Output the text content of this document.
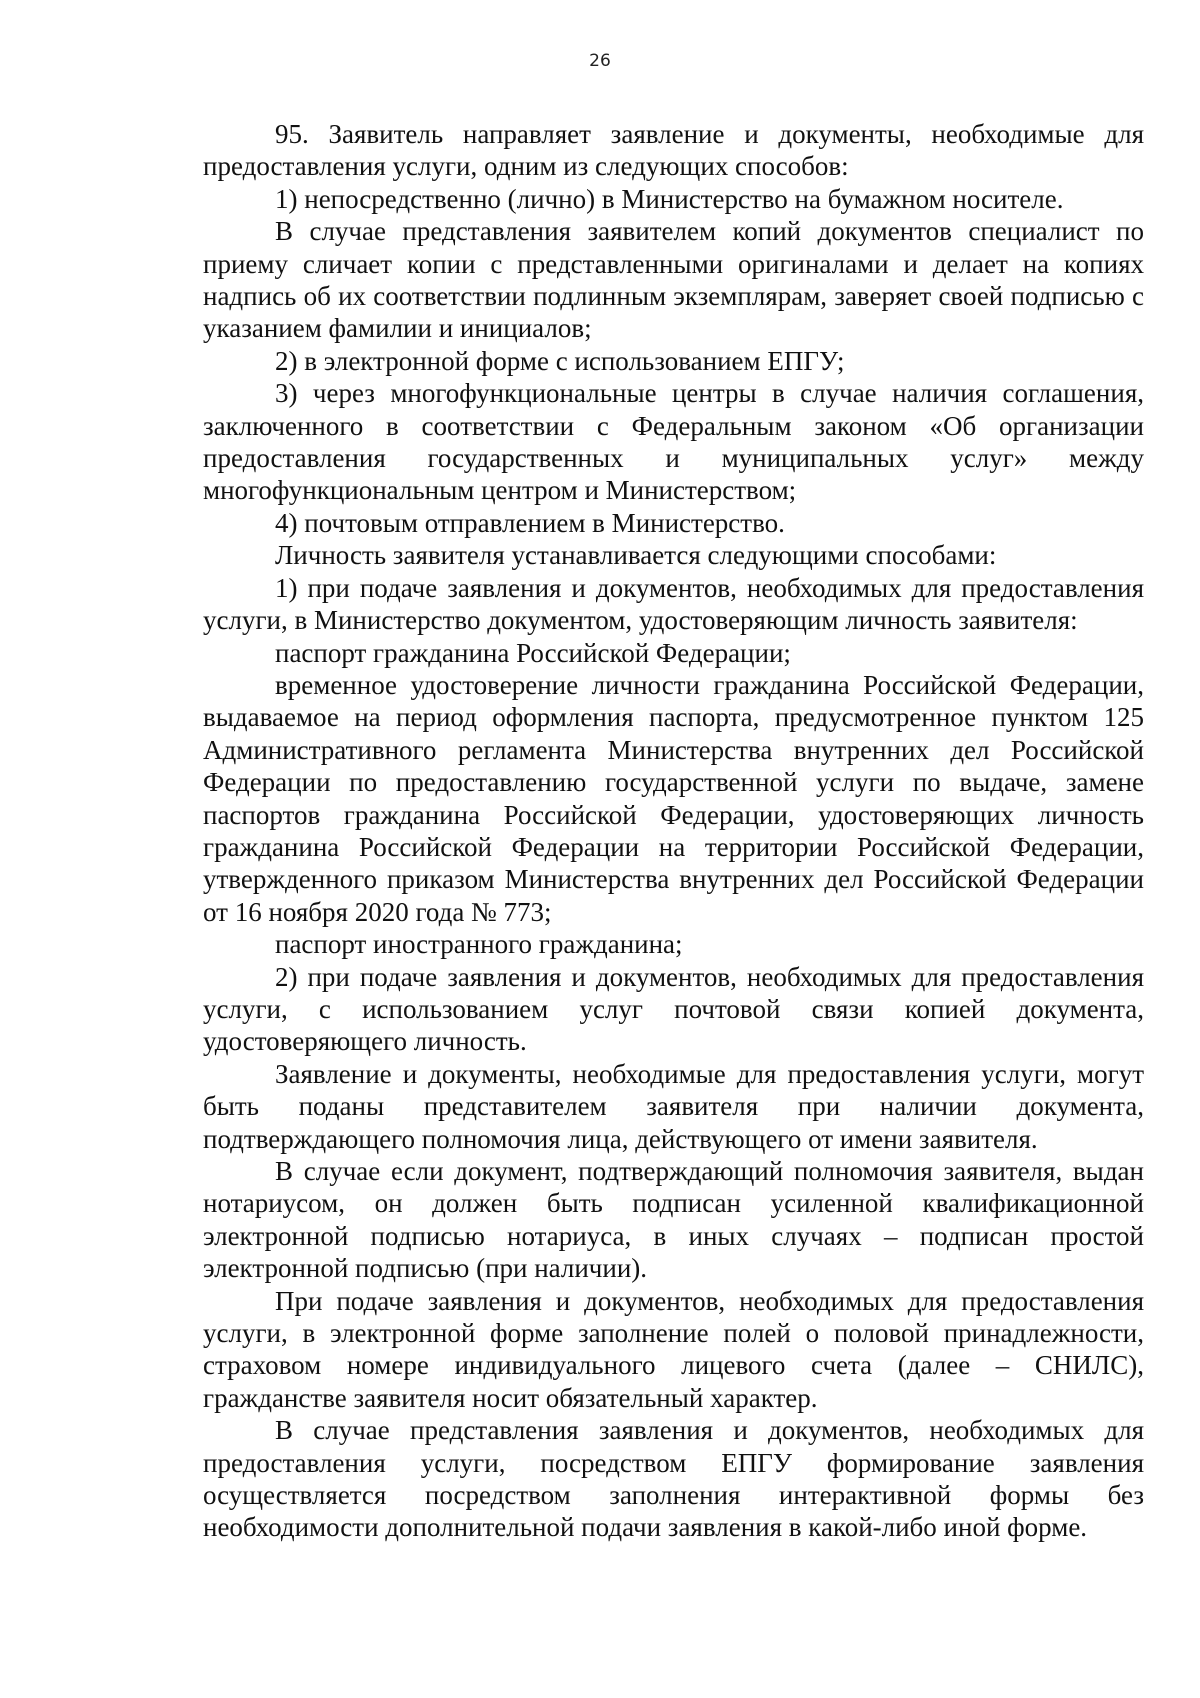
26

95. Заявитель направляет заявление и документы, необходимые для предоставления услуги, одним из следующих способов:

1) непосредственно (лично) в Министерство на бумажном носителе.

В случае представления заявителем копий документов специалист по приему сличает копии с представленными оригиналами и делает на копиях надпись об их соответствии подлинным экземплярам, заверяет своей подписью с указанием фамилии и инициалов;

2) в электронной форме с использованием ЕПГУ;

3) через многофункциональные центры в случае наличия соглашения, заключенного в соответствии с Федеральным законом «Об организации предоставления государственных и муниципальных услуг» между многофункциональным центром и Министерством;

4) почтовым отправлением в Министерство.

Личность заявителя устанавливается следующими способами:

1) при подаче заявления и документов, необходимых для предоставления услуги, в Министерство документом, удостоверяющим личность заявителя:

паспорт гражданина Российской Федерации;

временное удостоверение личности гражданина Российской Федерации, выдаваемое на период оформления паспорта, предусмотренное пунктом 125 Административного регламента Министерства внутренних дел Российской Федерации по предоставлению государственной услуги по выдаче, замене паспортов гражданина Российской Федерации, удостоверяющих личность гражданина Российской Федерации на территории Российской Федерации, утвержденного приказом Министерства внутренних дел Российской Федерации от 16 ноября 2020 года № 773;

паспорт иностранного гражданина;

2) при подаче заявления и документов, необходимых для предоставления услуги, с использованием услуг почтовой связи копией документа, удостоверяющего личность.

Заявление и документы, необходимые для предоставления услуги, могут быть поданы представителем заявителя при наличии документа, подтверждающего полномочия лица, действующего от имени заявителя.

В случае если документ, подтверждающий полномочия заявителя, выдан нотариусом, он должен быть подписан усиленной квалификационной электронной подписью нотариуса, в иных случаях – подписан простой электронной подписью (при наличии).

При подаче заявления и документов, необходимых для предоставления услуги, в электронной форме заполнение полей о половой принадлежности, страховом номере индивидуального лицевого счета (далее – СНИЛС), гражданстве заявителя носит обязательный характер.

В случае представления заявления и документов, необходимых для предоставления услуги, посредством ЕПГУ формирование заявления осуществляется посредством заполнения интерактивной формы без необходимости дополнительной подачи заявления в какой-либо иной форме.
